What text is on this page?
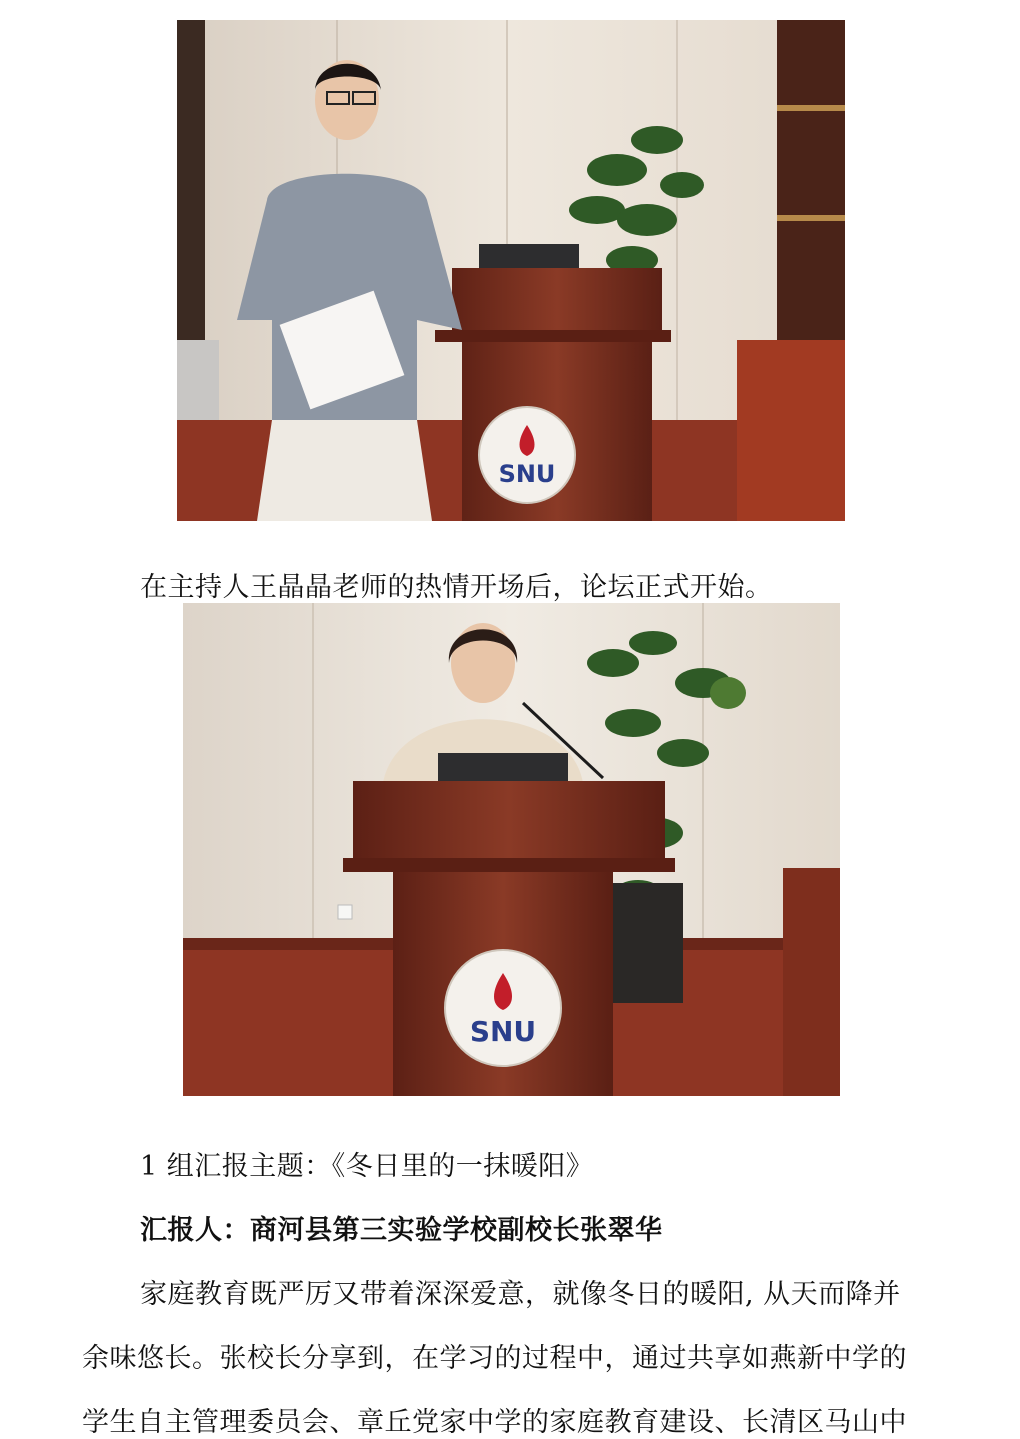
SNU

在主持人王晶晶老师的热情开场后，论坛正式开始。

SNU

1 组汇报主题：《冬日里的一抹暖阳》

汇报人：商河县第三实验学校副校长张翠华

家庭教育既严厉又带着深深爱意，就像冬日的暖阳, 从天而降并

余味悠长。张校长分享到，在学习的过程中，通过共享如燕新中学的

学生自主管理委员会、章丘党家中学的家庭教育建设、长清区马山中
